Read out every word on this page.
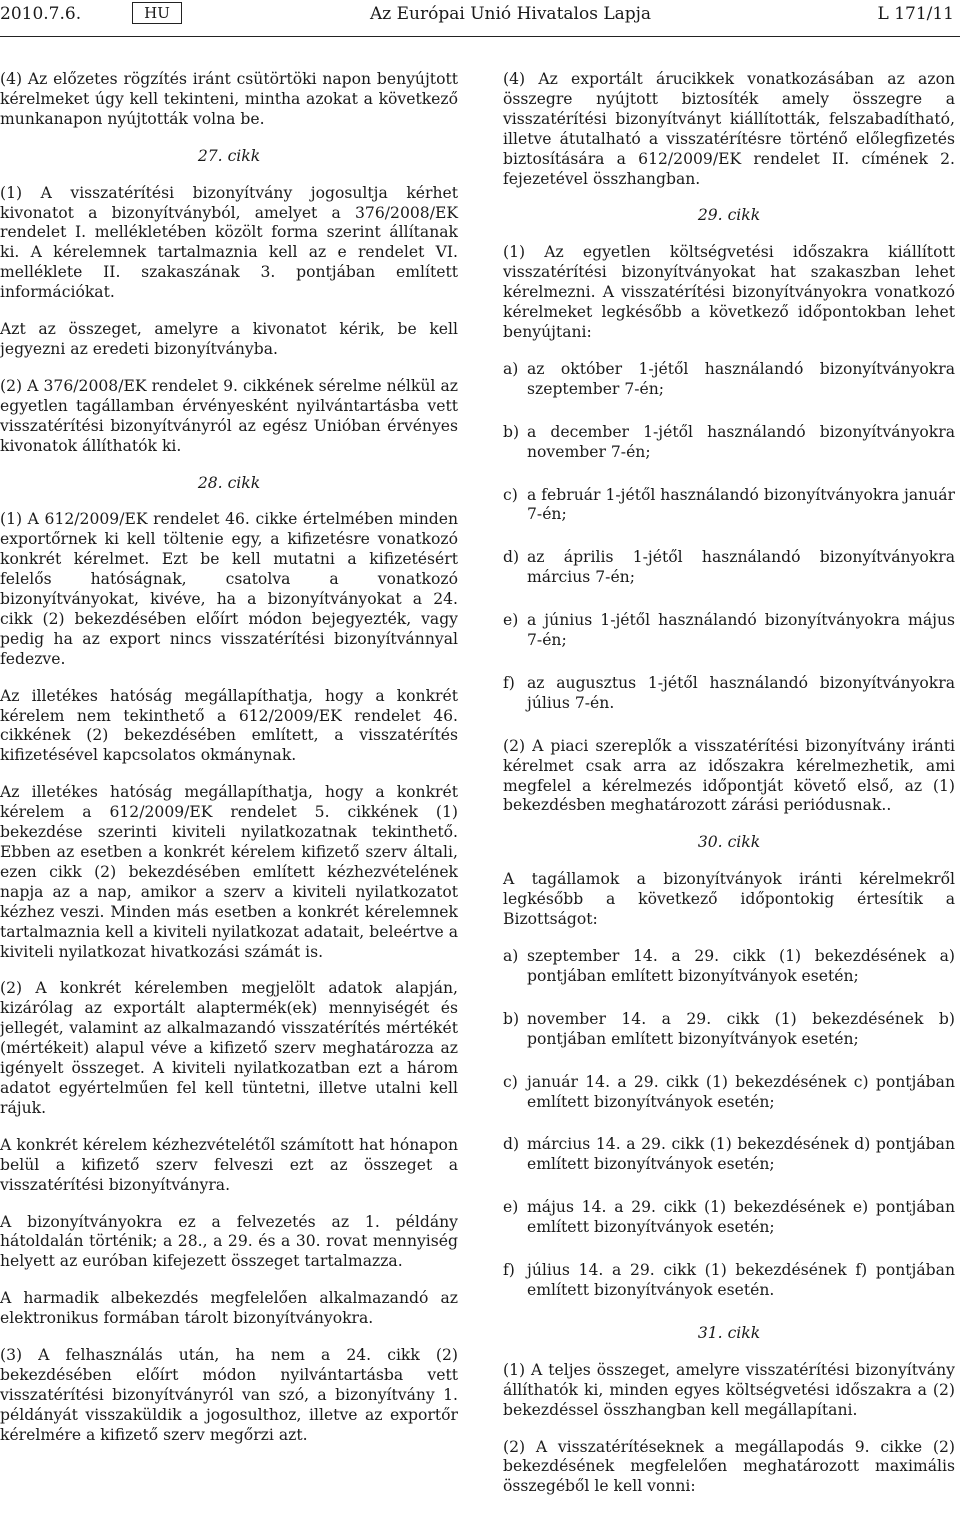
2010.7.6.	HU	Az Európai Unió Hivatalos Lapja	L 171/11

(4) Az előzetes rögzítés iránt csütörtöki napon benyújtott kérelmeket úgy kell tekinteni, mintha azokat a következő munkanapon nyújtották volna be.

27. cikk

(1) A visszatérítési bizonyítvány jogosultja kérhet kivonatot a bizonyítványból, amelyet a 376/2008/EK rendelet I. mellékletében közölt forma szerint állítanak ki. A kérelemnek tartalmaznia kell az e rendelet VI. melléklete II. szakaszának 3. pontjában említett információkat.

Azt az összeget, amelyre a kivonatot kérik, be kell jegyezni az eredeti bizonyítványba.

(2) A 376/2008/EK rendelet 9. cikkének sérelme nélkül az egyetlen tagállamban érvényesként nyilvántartásba vett visszatérítési bizonyítványról az egész Unióban érvényes kivonatok állíthatók ki.

28. cikk

(1) A 612/2009/EK rendelet 46. cikke értelmében minden exportőrnek ki kell töltenie egy, a kifizetésre vonatkozó konkrét kérelmet. Ezt be kell mutatni a kifizetésért felelős hatóságnak, csatolva a vonatkozó bizonyítványokat, kivéve, ha a bizonyítványokat a 24. cikk (2) bekezdésében előírt módon bejegyezték, vagy pedig ha az export nincs visszatérítési bizonyítvánnyal fedezve.

Az illetékes hatóság megállapíthatja, hogy a konkrét kérelem nem tekinthető a 612/2009/EK rendelet 46. cikkének (2) bekezdésében említett, a visszatérítés kifizetésével kapcsolatos okmánynak.

Az illetékes hatóság megállapíthatja, hogy a konkrét kérelem a 612/2009/EK rendelet 5. cikkének (1) bekezdése szerinti kiviteli nyilatkozatnak tekinthető. Ebben az esetben a konkrét kérelem kifizető szerv általi, ezen cikk (2) bekezdésében említett kézhezvételének napja az a nap, amikor a szerv a kiviteli nyilatkozatot kézhez veszi. Minden más esetben a konkrét kérelemnek tartalmaznia kell a kiviteli nyilatkozat adatait, beleértve a kiviteli nyilatkozat hivatkozási számát is.

(2) A konkrét kérelemben megjelölt adatok alapján, kizárólag az exportált alaptermék(ek) mennyiségét és jellegét, valamint az alkalmazandó visszatérítés mértékét (mértékeit) alapul véve a kifizető szerv meghatározza az igényelt összeget. A kiviteli nyilatkozatban ezt a három adatot egyértelműen fel kell tüntetni, illetve utalni kell rájuk.

A konkrét kérelem kézhezvételétől számított hat hónapon belül a kifizető szerv felveszi ezt az összeget a visszatérítési bizonyítványra.

A bizonyítványokra ez a felvezetés az 1. példány hátoldalán történik; a 28., a 29. és a 30. rovat mennyiség helyett az euróban kifejezett összeget tartalmazza.

A harmadik albekezdés megfelelően alkalmazandó az elektronikus formában tárolt bizonyítványokra.

(3) A felhasználás után, ha nem a 24. cikk (2) bekezdésében előírt módon nyilvántartásba vett visszatérítési bizonyítványról van szó, a bizonyítvány 1. példányát visszaküldik a jogosulthoz, illetve az exportőr kérelmére a kifizető szerv megőrzi azt.

(4) Az exportált árucikkek vonatkozásában az azon összegre nyújtott biztosíték amely összegre a visszatérítési bizonyítványt kiállították, felszabadítható, illetve átutalható a visszatérítésre történő előlegfizetés biztosítására a 612/2009/EK rendelet II. címének 2. fejezetével összhangban.

29. cikk

(1) Az egyetlen költségvetési időszakra kiállított visszatérítési bizonyítványokat hat szakaszban lehet kérelmezni. A visszatérítési bizonyítványokra vonatkozó kérelmeket legkésőbb a következő időpontokban lehet benyújtani:

a) az október 1-jétől használandó bizonyítványokra szeptember 7-én;
b) a december 1-jétől használandó bizonyítványokra november 7-én;
c) a február 1-jétől használandó bizonyítványokra január 7-én;
d) az április 1-jétől használandó bizonyítványokra március 7-én;
e) a június 1-jétől használandó bizonyítványokra május 7-én;
f) az augusztus 1-jétől használandó bizonyítványokra július 7-én.

(2) A piaci szereplők a visszatérítési bizonyítvány iránti kérelmet csak arra az időszakra kérelmezhetik, ami megfelel a kérelmezés időpontját követő első, az (1) bekezdésben meghatározott zárási periódusnak..

30. cikk

A tagállamok a bizonyítványok iránti kérelmekről legkésőbb a következő időpontokig értesítik a Bizottságot:

a) szeptember 14. a 29. cikk (1) bekezdésének a) pontjában említett bizonyítványok esetén;
b) november 14. a 29. cikk (1) bekezdésének b) pontjában említett bizonyítványok esetén;
c) január 14. a 29. cikk (1) bekezdésének c) pontjában említett bizonyítványok esetén;
d) március 14. a 29. cikk (1) bekezdésének d) pontjában említett bizonyítványok esetén;
e) május 14. a 29. cikk (1) bekezdésének e) pontjában említett bizonyítványok esetén;
f) július 14. a 29. cikk (1) bekezdésének f) pontjában említett bizonyítványok esetén.
31. cikk

(1) A teljes összeget, amelyre visszatérítési bizonyítvány állíthatók ki, minden egyes költségvetési időszakra a (2) bekezdéssel összhangban kell megállapítani.

(2) A visszatérítéseknek a megállapodás 9. cikke (2) bekezdésének megfelelően meghatározott maximális összegéből le kell vonni:
